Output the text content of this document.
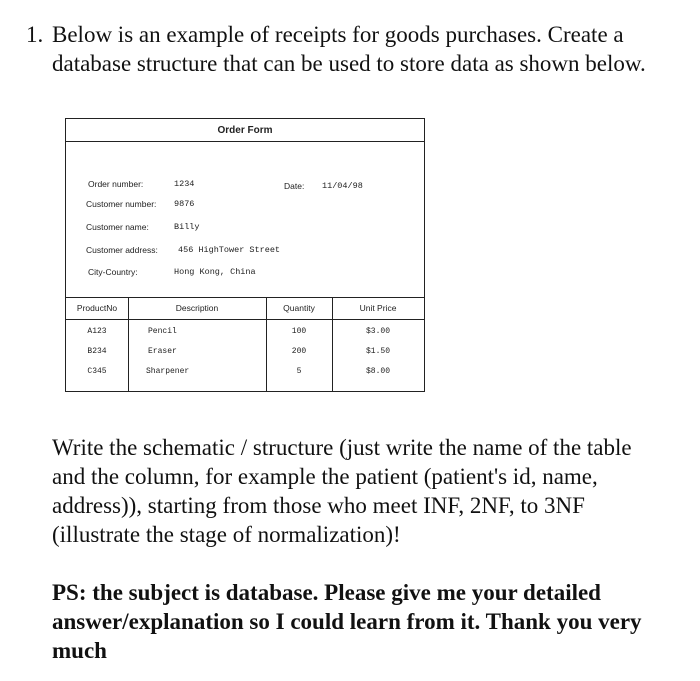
1. Below is an example of receipts for goods purchases. Create a database structure that can be used to store data as shown below.
Order Form
Order number:	1234	Date: 11/04/98
Customer number: 9876
Customer name:	Billy
Customer address: 456 HighTower Street
City-Country:	Hong Kong, China
ProductNo	Description	Quantity	Unit Price
A123	Pencil	100	$3.00
B234	Eraser	200	$1.50
C345	Sharpener	5	$8.00
Write the schematic / structure (just write the name of the table and the column, for example the patient (patient's id, name, address)), starting from those who meet INF, 2NF, to 3NF (illustrate the stage of normalization)!
PS: the subject is database. Please give me your detailed answer/explanation so I could learn from it. Thank you very much
